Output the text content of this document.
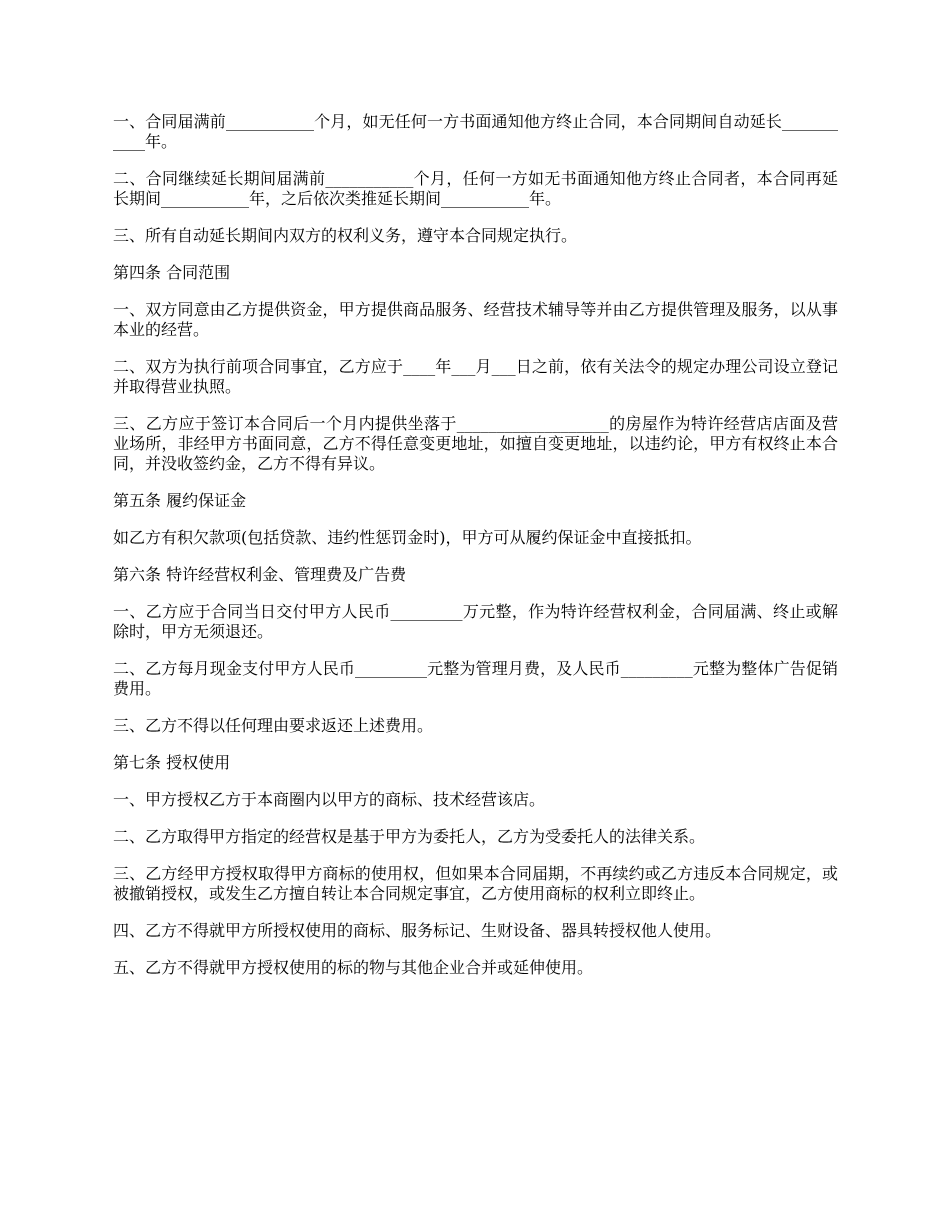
一、合同届满前___________个月，如无任何一方书面通知他方终止合同，本合同期间自动延长___________年。

二、合同继续延长期间届满前___________个月，任何一方如无书面通知他方终止合同者，本合同再延长期间___________年，之后依次类推延长期间___________年。

三、所有自动延长期间内双方的权利义务，遵守本合同规定执行。

第四条 合同范围

一、双方同意由乙方提供资金，甲方提供商品服务、经营技术辅导等并由乙方提供管理及服务，以从事本业的经营。

二、双方为执行前项合同事宜，乙方应于____年___月___日之前，依有关法令的规定办理公司设立登记并取得营业执照。

三、乙方应于签订本合同后一个月内提供坐落于___________________的房屋作为特许经营店店面及营业场所，非经甲方书面同意，乙方不得任意变更地址，如擅自变更地址，以违约论，甲方有权终止本合同，并没收签约金，乙方不得有异议。

第五条 履约保证金

如乙方有积欠款项(包括贷款、违约性惩罚金时)，甲方可从履约保证金中直接抵扣。

第六条 特许经营权利金、管理费及广告费

一、乙方应于合同当日交付甲方人民币_________万元整，作为特许经营权利金，合同届满、终止或解除时，甲方无须退还。

二、乙方每月现金支付甲方人民币_________元整为管理月费，及人民币_________元整为整体广告促销费用。

三、乙方不得以任何理由要求返还上述费用。

第七条 授权使用

一、甲方授权乙方于本商圈内以甲方的商标、技术经营该店。

二、乙方取得甲方指定的经营权是基于甲方为委托人，乙方为受委托人的法律关系。

三、乙方经甲方授权取得甲方商标的使用权，但如果本合同届期，不再续约或乙方违反本合同规定，或被撤销授权，或发生乙方擅自转让本合同规定事宜，乙方使用商标的权利立即终止。

四、乙方不得就甲方所授权使用的商标、服务标记、生财设备、器具转授权他人使用。

五、乙方不得就甲方授权使用的标的物与其他企业合并或延伸使用。
